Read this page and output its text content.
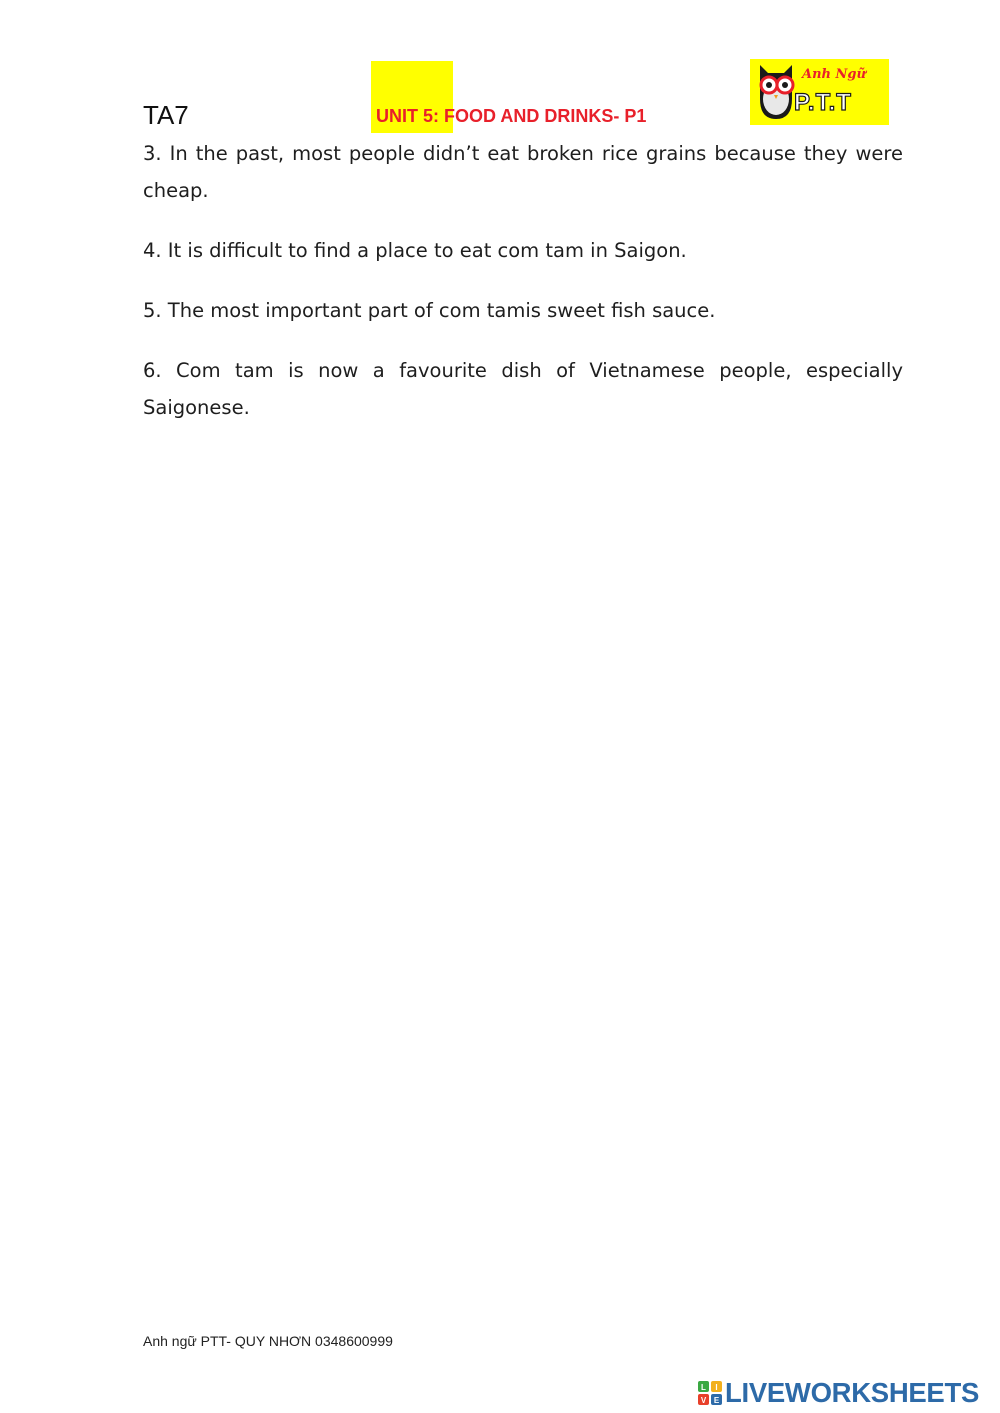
TA7	UNIT 5: FOOD AND DRINKS- P1
Anh Ngữ
P.T.T
3. In the past, most people didn’t eat broken rice grains because they were cheap.
4. It is difficult to find a place to eat com tam in Saigon.
5. The most important part of com tamis sweet fish sauce.
6. Com tam is now a favourite dish of Vietnamese people, especially Saigonese.
Anh ngữ PTT- QUY NHƠN 0348600999
L I
V E LIVEWORKSHEETS
